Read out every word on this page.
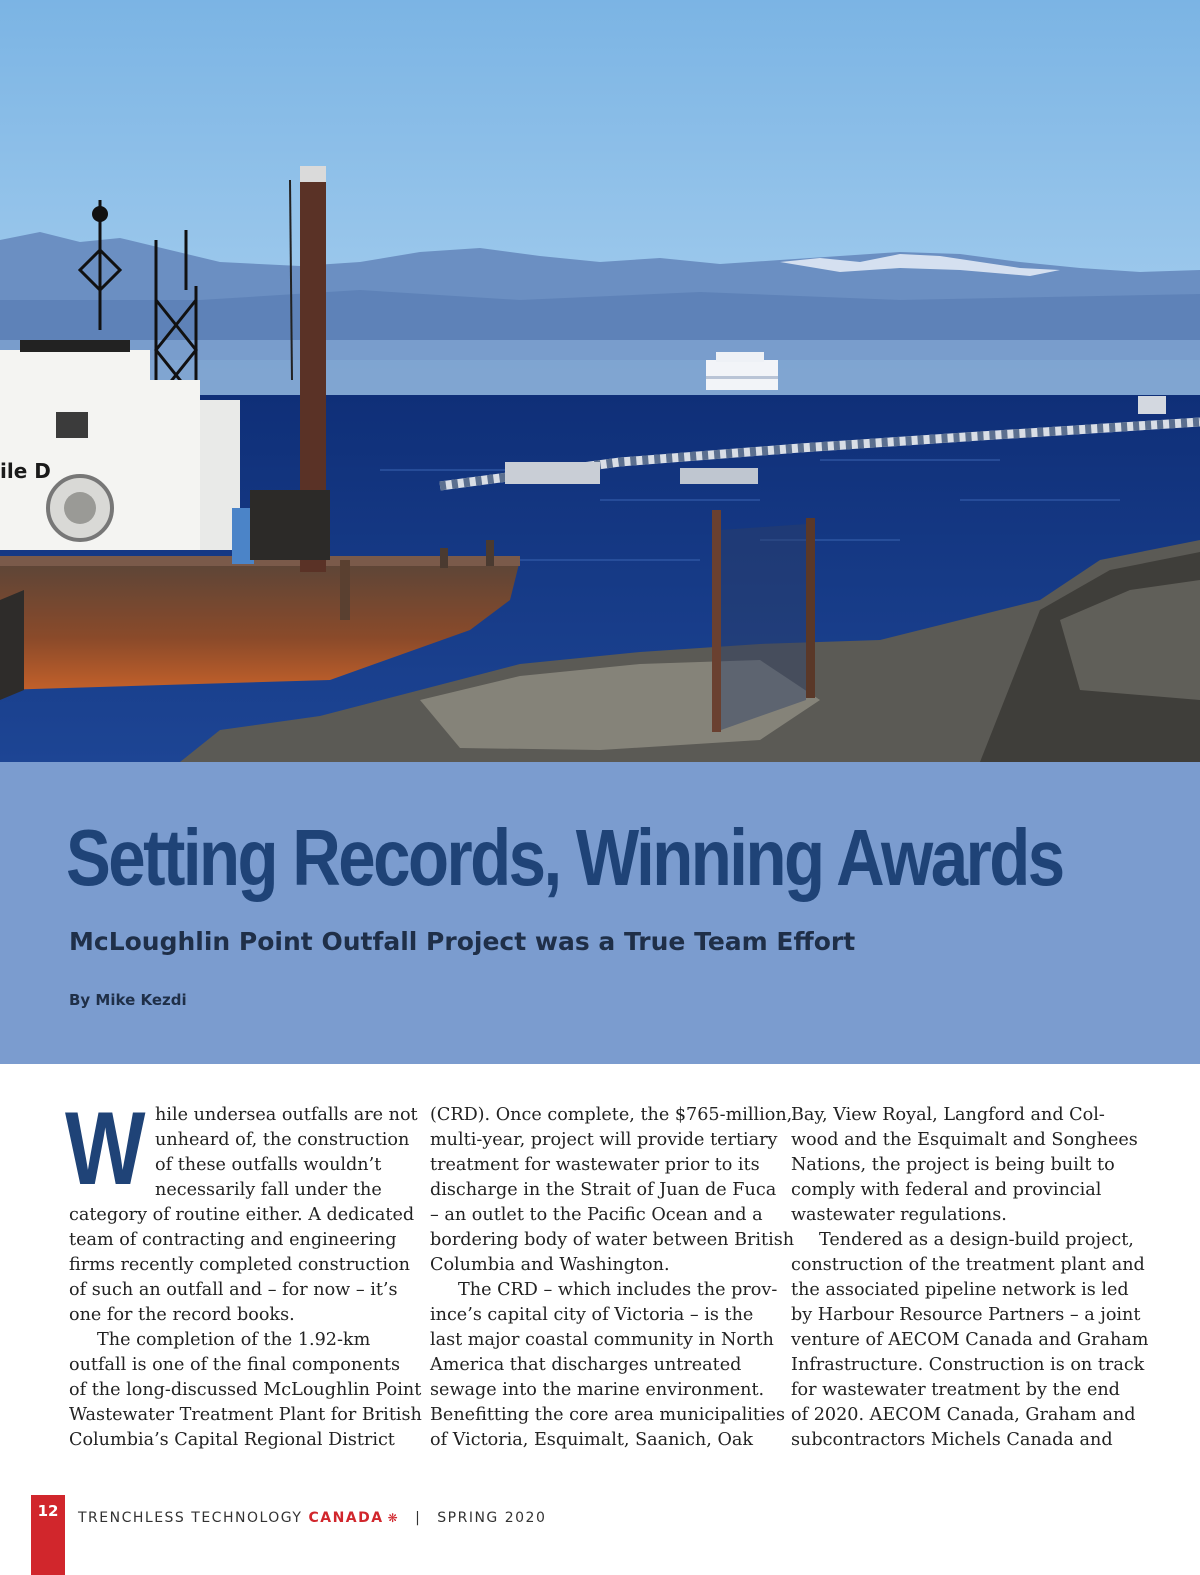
ile D
Setting Records, Winning Awards
McLoughlin Point Outfall Project was a True Team Effort
By Mike Kezdi
W hile undersea outfalls are not
unheard of, the construction
of these outfalls wouldn’t
necessarily fall under the
category of routine either. A dedicated
team of contracting and engineering
firms recently completed construction
of such an outfall and – for now – it’s
one for the record books.
The completion of the 1.92-km
outfall is one of the final components
of the long-discussed McLoughlin Point
Wastewater Treatment Plant for British
Columbia’s Capital Regional District
(CRD). Once complete, the $765-million,
multi-year, project will provide tertiary
treatment for wastewater prior to its
discharge in the Strait of Juan de Fuca
– an outlet to the Pacific Ocean and a
bordering body of water between British
Columbia and Washington.
The CRD – which includes the prov-
ince’s capital city of Victoria – is the
last major coastal community in North
America that discharges untreated
sewage into the marine environment.
Benefitting the core area municipalities
of Victoria, Esquimalt, Saanich, Oak
Bay, View Royal, Langford and Col-
wood and the Esquimalt and Songhees
Nations, the project is being built to
comply with federal and provincial
wastewater regulations.
Tendered as a design-build project,
construction of the treatment plant and
the associated pipeline network is led
by Harbour Resource Partners – a joint
venture of AECOM Canada and Graham
Infrastructure. Construction is on track
for wastewater treatment by the end
of 2020. AECOM Canada, Graham and
subcontractors Michels Canada and
12	TRENCHLESS TECHNOLOGY CANADA ❋ | SPRING 2020
